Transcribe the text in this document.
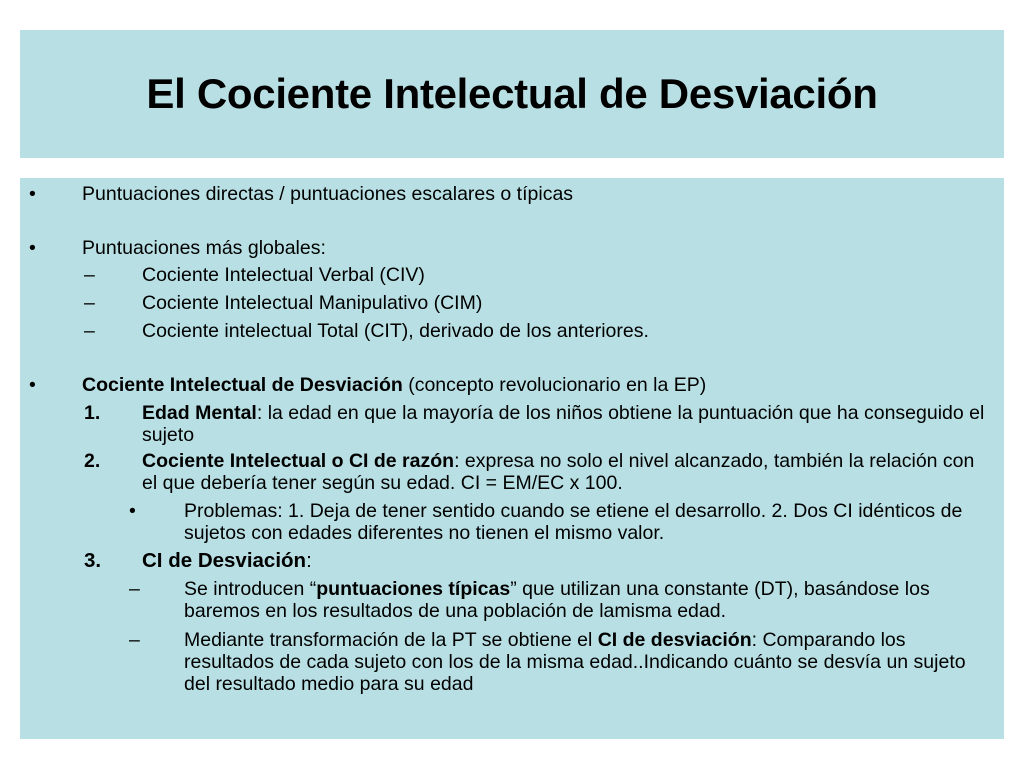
El Cociente Intelectual de Desviación
• Puntuaciones directas / puntuaciones escalares o típicas
• Puntuaciones más globales:
– Cociente Intelectual Verbal (CIV)
– Cociente Intelectual Manipulativo (CIM)
– Cociente intelectual Total (CIT), derivado de los anteriores.
• Cociente Intelectual de Desviación (concepto revolucionario en la EP)
1. Edad Mental: la edad en que la mayoría de los niños obtiene la puntuación que ha conseguido el sujeto
2. Cociente Intelectual o CI de razón: expresa no solo el nivel alcanzado, también la relación con el que debería tener según su edad. CI = EM/EC x 100.
• Problemas: 1. Deja de tener sentido cuando se etiene el desarrollo. 2. Dos CI idénticos de sujetos con edades diferentes no tienen el mismo valor.
3. CI de Desviación:
– Se introducen “puntuaciones típicas” que utilizan una constante (DT), basándose los baremos en los resultados de una población de lamisma edad.
– Mediante transformación de la PT se obtiene el CI de desviación: Comparando los resultados de cada sujeto con los de la misma edad..Indicando cuánto se desvía un sujeto del resultado medio para su edad
